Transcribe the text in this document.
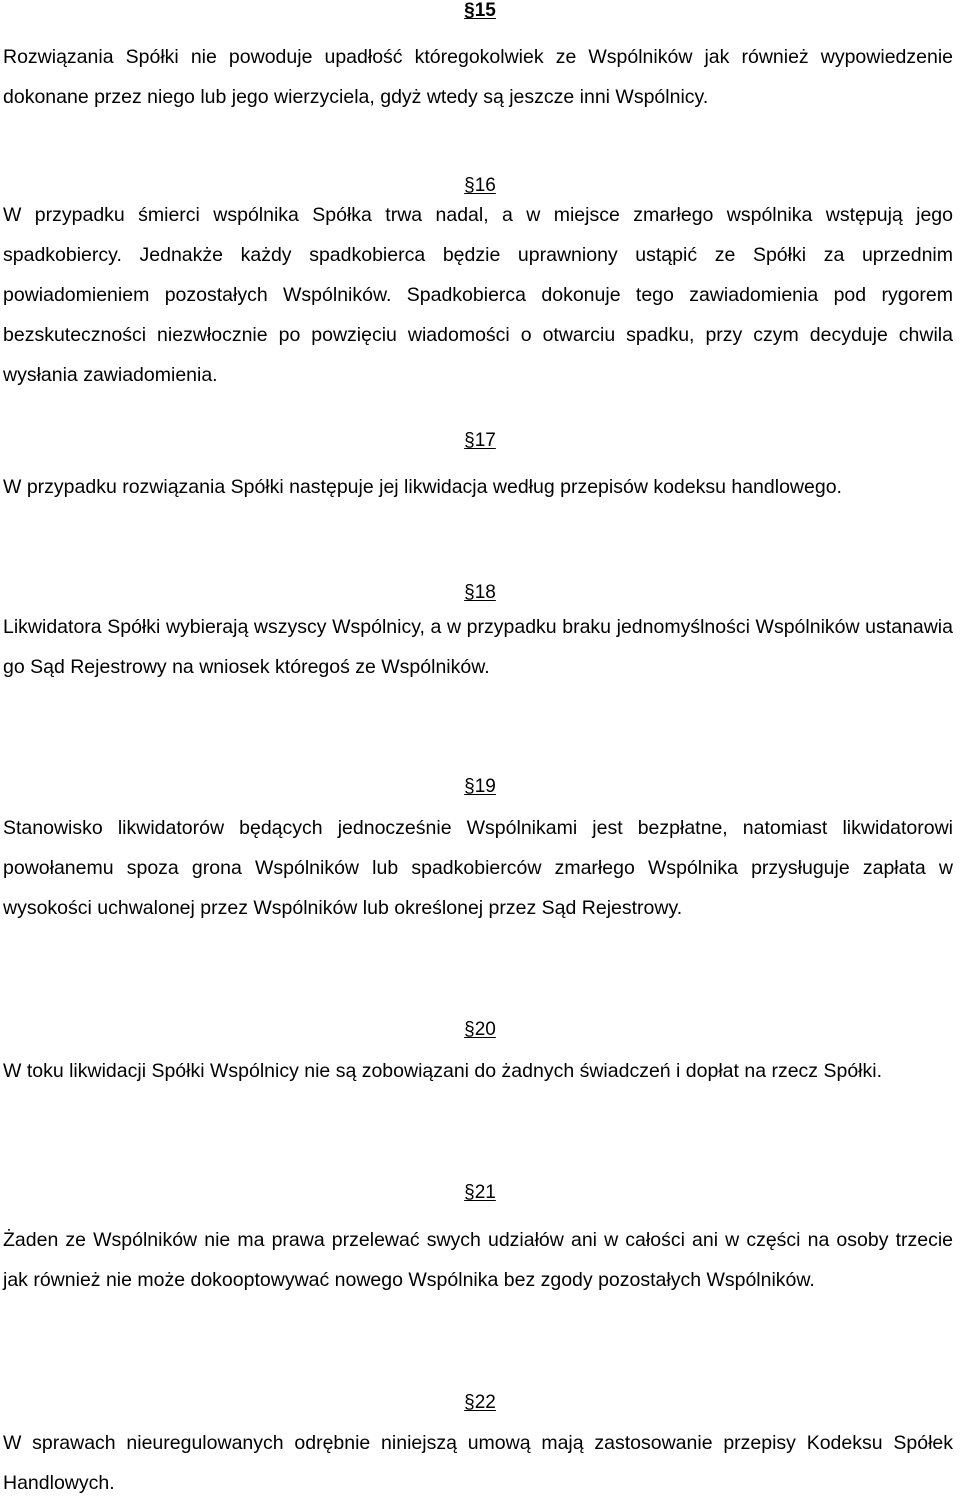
§15

Rozwiązania Spółki nie powoduje upadłość któregokolwiek ze Wspólników jak również wypowiedzenie dokonane przez niego lub jego wierzyciela, gdyż wtedy są jeszcze inni Wspólnicy.

§16

W przypadku śmierci wspólnika Spółka trwa nadal, a w miejsce zmarłego wspólnika wstępują jego spadkobiercy. Jednakże każdy spadkobierca będzie uprawniony ustąpić ze Spółki za uprzednim powiadomieniem pozostałych Wspólników. Spadkobierca dokonuje tego zawiadomienia pod rygorem bezskuteczności niezwłocznie po powzięciu wiadomości o otwarciu spadku, przy czym decyduje chwila wysłania zawiadomienia.

§17

W przypadku rozwiązania Spółki następuje jej likwidacja według przepisów kodeksu handlowego.

§18

Likwidatora Spółki wybierają wszyscy Wspólnicy, a w przypadku braku jednomyślności Wspólników ustanawia go Sąd Rejestrowy na wniosek któregoś ze Wspólników.

§19

Stanowisko likwidatorów będących jednocześnie Wspólnikami jest bezpłatne, natomiast likwidatorowi powołanemu spoza grona Wspólników lub spadkobierców zmarłego Wspólnika przysługuje zapłata w wysokości uchwalonej przez Wspólników lub określonej przez Sąd Rejestrowy.

§20

W toku likwidacji Spółki Wspólnicy nie są zobowiązani do żadnych świadczeń i dopłat na rzecz Spółki.

§21

Żaden ze Wspólników nie ma prawa przelewać swych udziałów ani w całości ani w części na osoby trzecie jak również nie może dokooptowywać nowego Wspólnika bez zgody pozostałych Wspólników.

§22

W sprawach nieuregulowanych odrębnie niniejszą umową mają zastosowanie przepisy Kodeksu Spółek Handlowych.
